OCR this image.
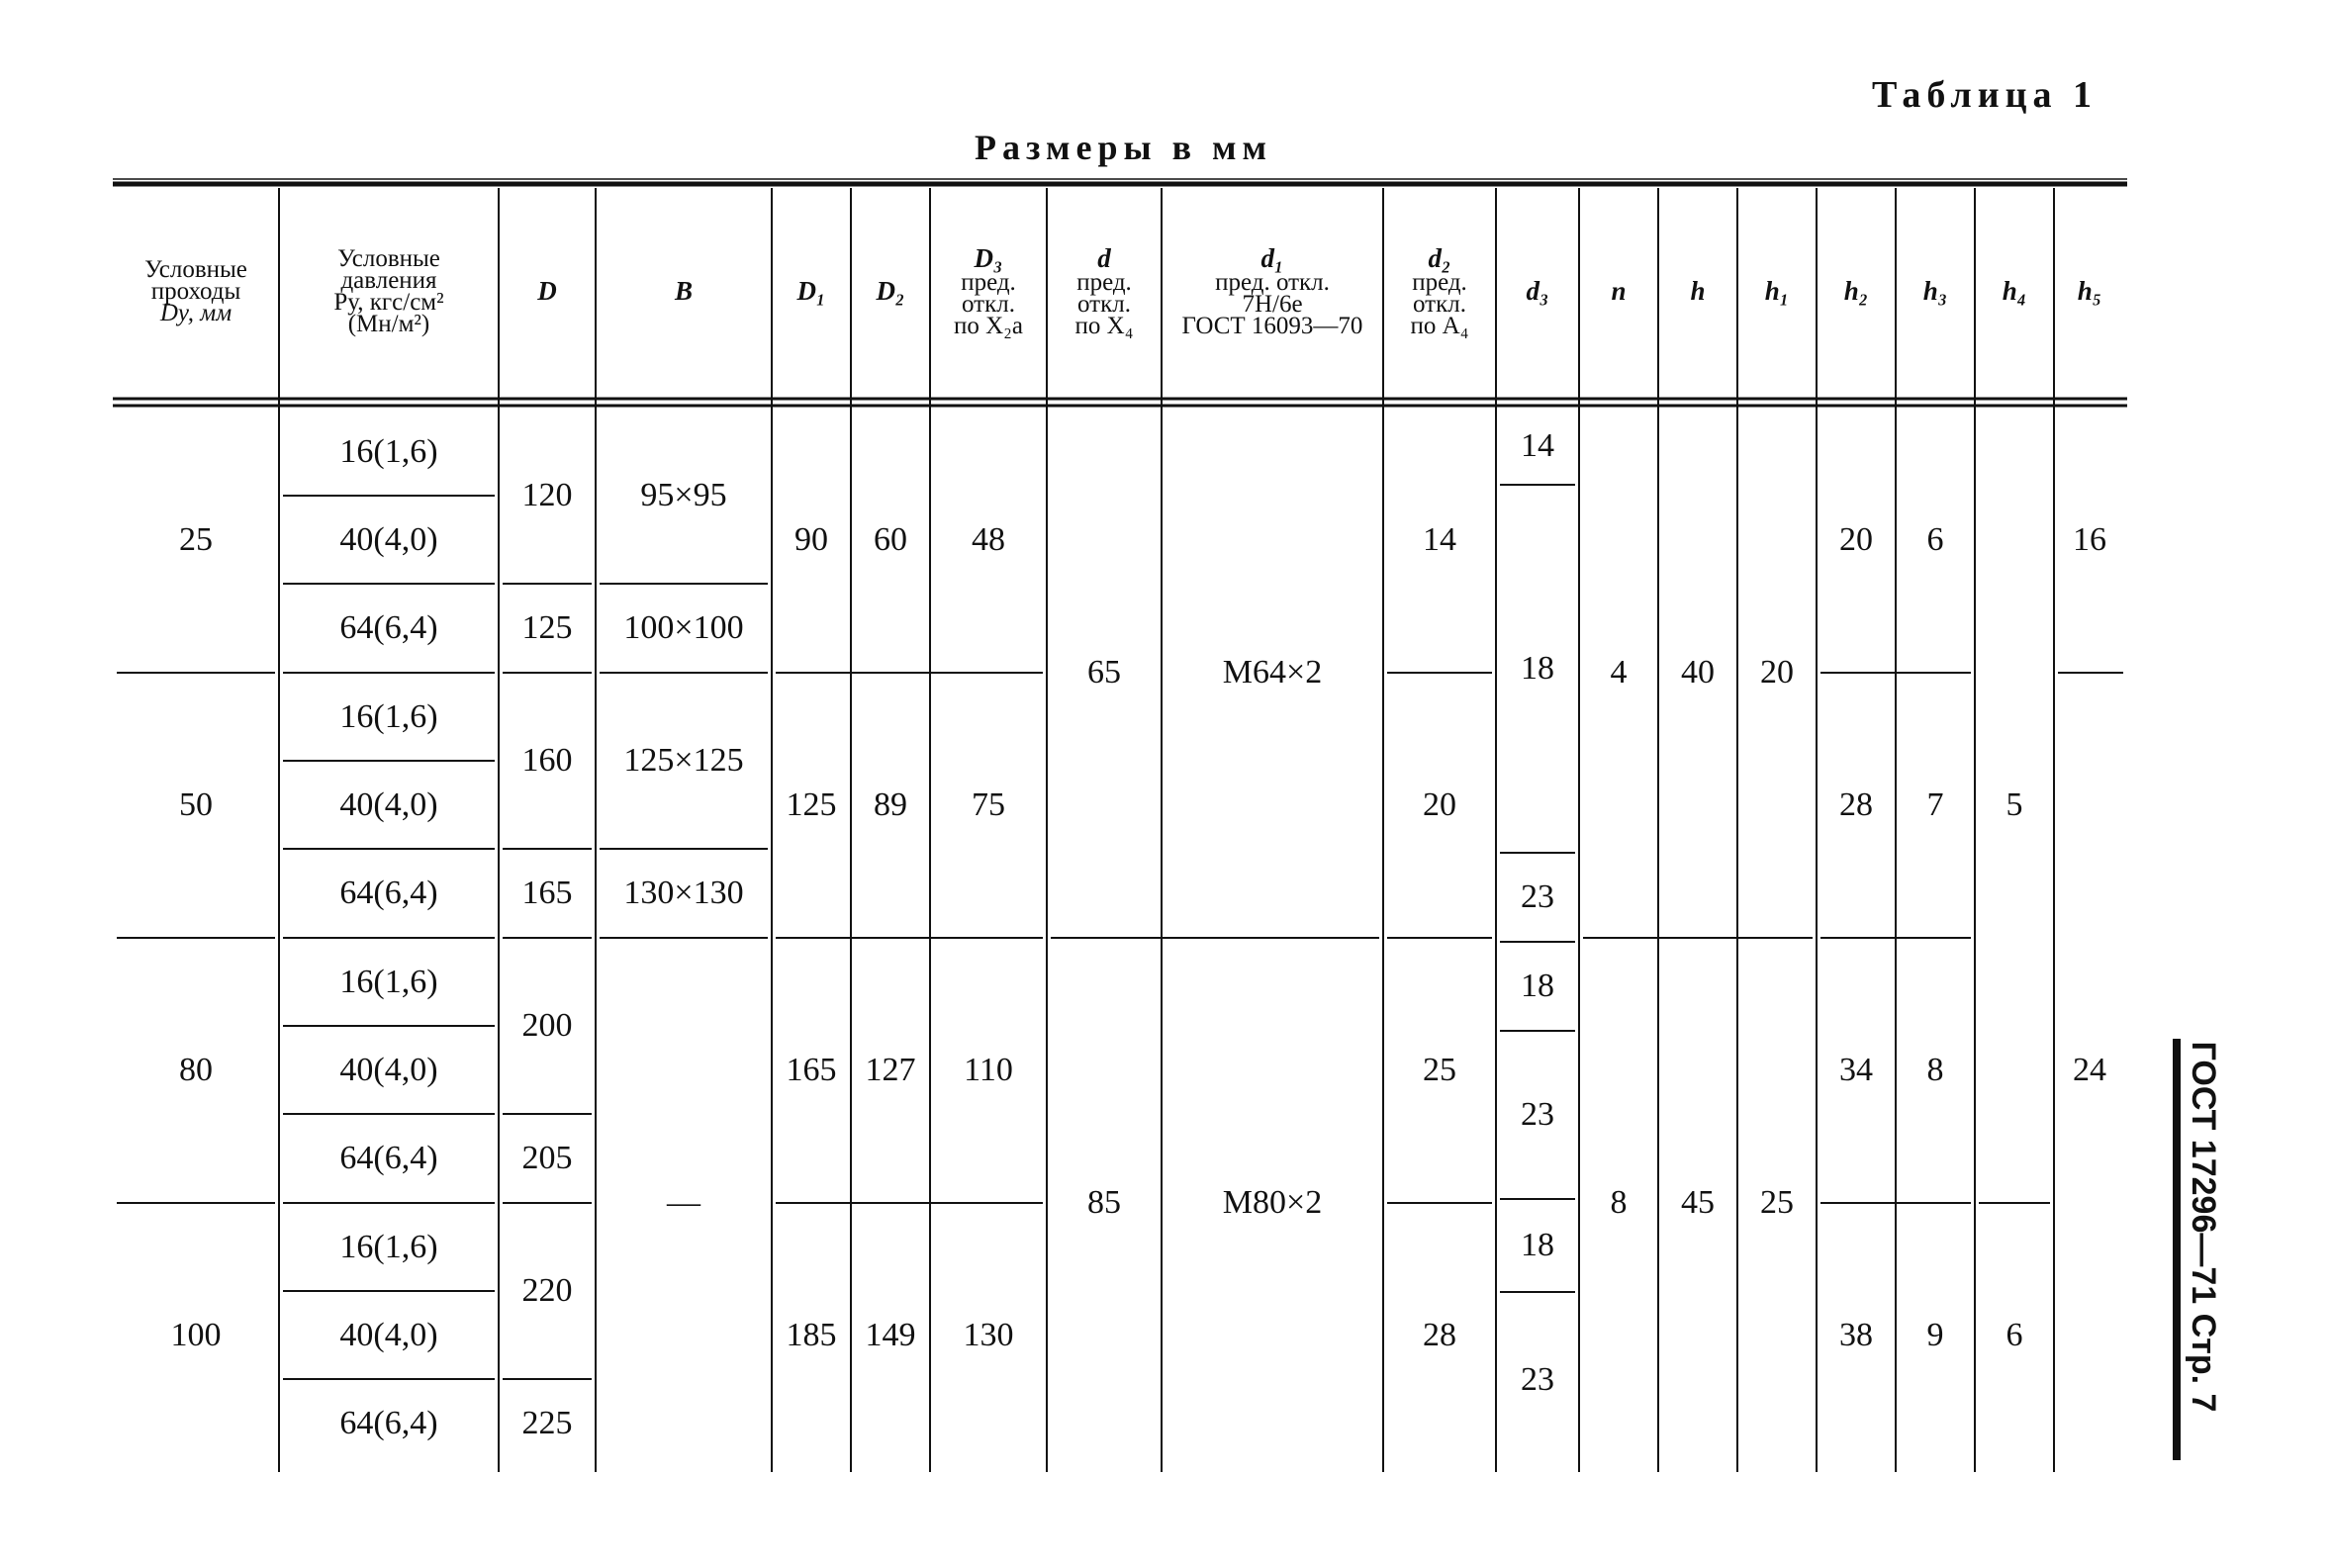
Таблица 1

Размеры в мм

ГОСТ 17296—71 Стр. 7
Условные
проходы
Dу, мм
Условные
давления
Pу, кгс/см²
(Мн/м²)
D	B	D₁ D₂
D₃
пред.
откл.
по X₂a
d
пред.
откл.
по X₄
d₁
пред. откл.
7H/6e
ГОСТ 16093—70
d₂
пред.
откл.
по A₄
d₃ n h h₁ h₂ h₃ h₄ h₅
25
50
80
100
16(1,6)
40(4,0)
64(6,4)
16(1,6)
40(4,0)
64(6,4)
16(1,6)
40(4,0)
64(6,4)
16(1,6)
40(4,0)
64(6,4)
120
125
160
165
200
205
220
225
95×95
100×100
125×125
130×130
—
90
125
165
185
60
89
127
149
48
75
110
130
65
85
M64×2
M80×2
14
20
25
28
14
18
23
18
23
18
23
4
8
40
45
20
25
20
28
34
38
6
7
8
9
5
6
16
24
